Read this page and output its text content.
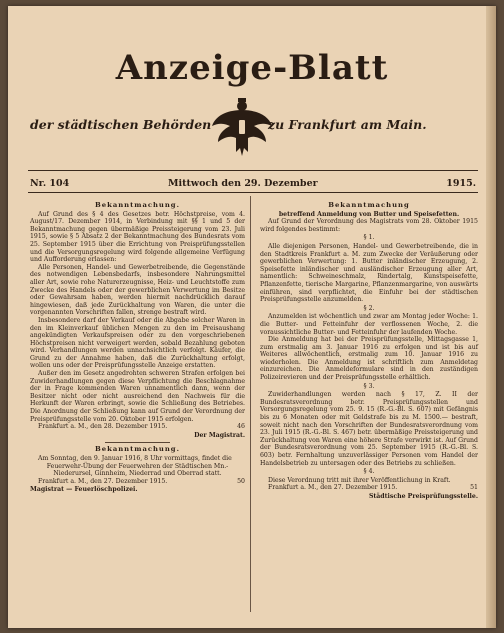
Anzeige-Blatt
der städtischen Behörden	zu Frankfurt am Main.
Nr. 104	Mittwoch den 29. Dezember	1915.

Bekanntmachung.

Auf Grund des § 4 des Gesetzes betr. Höchstpreise, vom 4. August/17. Dezember 1914, in Verbindung mit §§ 1 und 5 der Bekanntmachung gegen übermäßige Preissteigerung vom 23. Juli 1915, sowie § 5 Absatz 2 der Bekanntmachung des Bundesrats vom 25. September 1915 über die Errichtung von Preisprüfungsstellen und die Versorgungsregelung wird folgende allgemeine Verfügung und Aufforderung erlassen:

Alle Personen, Handel- und Gewerbetreibende, die Gegenstände des notwendigen Lebensbedarfs, insbesondere Nahrungsmittel aller Art, sowie rohe Naturerzeugnisse, Heiz- und Leuchtstoffe zum Zwecke des Handels oder der gewerblichen Verwertung im Besitze oder Gewahrsam haben, werden hiermit nachdrücklich darauf hingewiesen, daß jede Zurückhaltung von Waren, die unter die vorgenannten Vorschriften fallen, strenge bestraft wird.

Insbesondere darf der Verkauf oder die Abgabe solcher Waren in den im Kleinverkauf üblichen Mengen zu den im Preisaushang angekündigten Verkaufspreisen oder zu den vorgeschriebenen Höchstpreisen nicht verweigert werden, sobald Bezahlung geboten wird. Verhandlungen werden unnachsichtlich verfolgt. Käufer, die Grund zu der Annahme haben, daß die Zurückhaltung erfolgt, wollen uns oder der Preisprüfungsstelle Anzeige erstatten.

Außer den im Gesetz angedrohten schweren Strafen erfolgen bei Zuwiderhandlungen gegen diese Verpflichtung die Beschlagnahme der in Frage kommenden Waren unnamentlich dann, wenn der Besitzer nicht oder nicht ausreichend den Nachweis für die Herkunft der Waren erbringt, sowie die Schließung des Betriebes. Die Anordnung der Schließung kann auf Grund der Verordnung der Preisprüfungsstelle vom 20. Oktober 1915 erfolgen.

Frankfurt a. M., den 28. Dezember 1915.	46

Der Magistrat.

Bekanntmachung.

Am Sonntag, den 9. Januar 1916, 8 Uhr vormittags, findet die

Feuerwehr-Übung der Feuerwehren der Städtischen Mn.-Niederursel, Ginnheim, Niederrad und Oberrad statt.

Frankfurt a. M., den 27. Dezember 1915.	50

Magistrat — Feuerlöschpolizei.

Bekanntmachung

betreffend Anmeldung von Butter und Speisefetten.

Auf Grund der Verordnung des Magistrats vom 28. Oktober 1915 wird folgendes bestimmt:

§ 1.

Alle diejenigen Personen, Handel- und Gewerbetreibende, die in den Stadtkreis Frankfurt a. M. zum Zwecke der Veräußerung oder gewerblichen Verwertung: 1. Butter inländischer Erzeugung, 2. Speisefette inländischer und ausländischer Erzeugung aller Art, namentlich: Schweineschmalz, Rindertalg, Kunstspeisefette, Pflanzenfette, tierische Margarine, Pflanzenmargarine, von auswärts einführen, sind verpflichtet, die Einfuhr bei der städtischen Preisprüfungsstelle anzumelden.

§ 2.

Anzumelden ist wöchentlich und zwar am Montag jeder Woche: 1. die Butter- und Fetteinfuhr der verflossenen Woche, 2. die voraussichtliche Butter- und Fetteinfuhr der laufenden Woche.

Die Anmeldung hat bei der Preisprüfungsstelle, Mittagsgasse 1, zum erstmalig am 3. Januar 1916 zu erfolgen und ist bis auf Weiteres allwöchentlich, erstmalig zum 10. Januar 1916 zu wiederholen. Die Anmeldung ist schriftlich zum Anmeldetag einzureichen. Die Anmeldeformulare sind in den zuständigen Polizeirevieren und der Preisprüfungsstelle erhältlich.

§ 3.

Zuwiderhandlungen werden nach § 17, Z. II der Bundesratsverordnung betr. Preisprüfungsstellen und Versorgungsregelung vom 25. 9. 15 (R.-G.-Bl. S. 607) mit Gefängnis bis zu 6 Monaten oder mit Geldstrafe bis zu M. 1500.— bestraft, soweit nicht nach den Vorschriften der Bundesratsverordnung vom 23. Juli 1915 (R.-G.-Bl. S. 467) betr. übermäßige Preissteigerung und Zurückhaltung von Waren eine höhere Strafe verwirkt ist. Auf Grund der Bundesratsverordnung vom 25. September 1915 (R.-G.-Bl. S. 603) betr. Fernhaltung unzuverlässiger Personen vom Handel der Handelsbetrieb zu untersagen oder des Betriebs zu schließen.

§ 4.

Diese Verordnung tritt mit ihrer Veröffentlichung in Kraft.

Frankfurt a. M., den 27. Dezember 1915.	51

Städtische Preisprüfungsstelle.
